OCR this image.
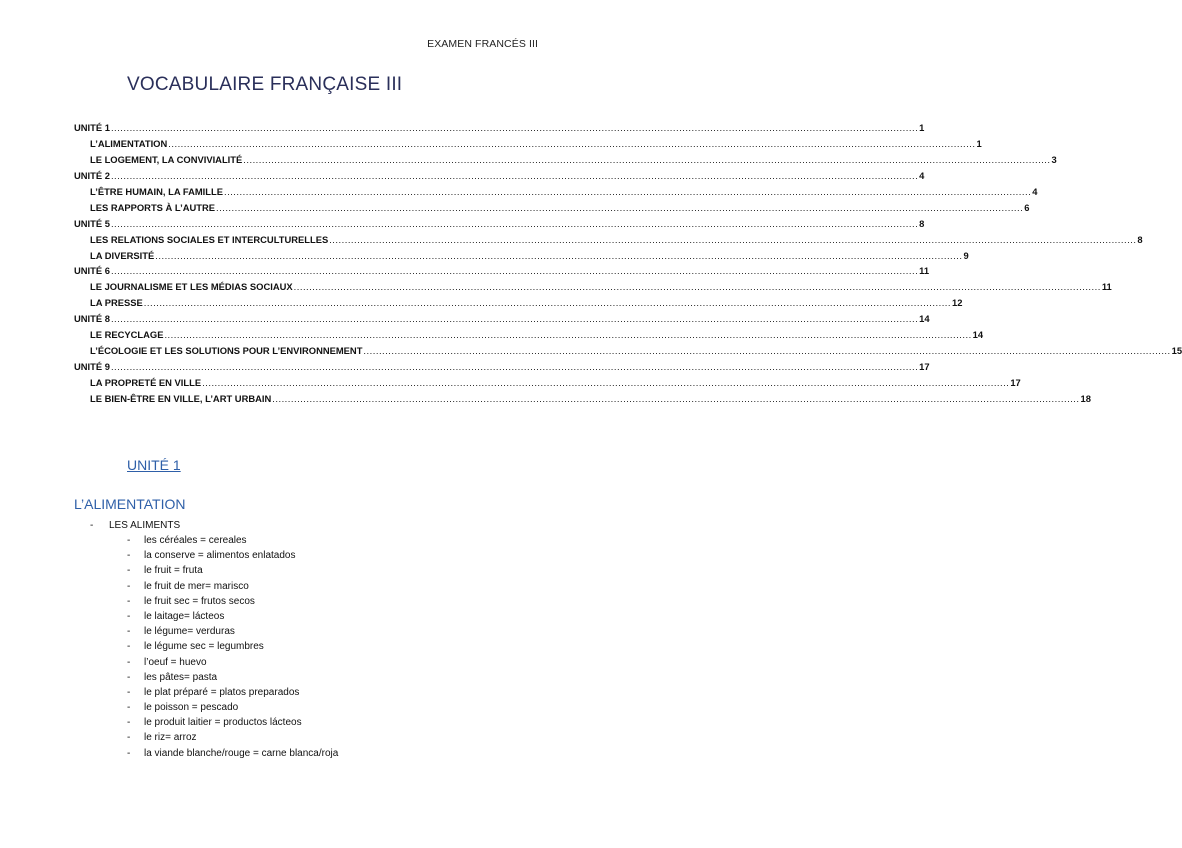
EXAMEN FRANCÉS III
VOCABULAIRE FRANÇAISE III
UNITÉ 1 .................................................................................................................................................................................................................................................................... 1
L’ALIMENTATION .................................................................................................................................................................................................................................................................... 1
LE LOGEMENT, LA CONVIVIALITÉ .................................................................................................................................................................................................................................................................... 3
UNITÉ 2 .................................................................................................................................................................................................................................................................... 4
L’ÊTRE HUMAIN, LA FAMILLE .................................................................................................................................................................................................................................................................... 4
LES RAPPORTS À L’AUTRE .................................................................................................................................................................................................................................................................... 6
UNITÉ 5 .................................................................................................................................................................................................................................................................... 8
LES RELATIONS SOCIALES ET INTERCULTURELLES .................................................................................................................................................................................................................................................................... 8
LA DIVERSITÉ .................................................................................................................................................................................................................................................................... 9
UNITÉ 6 .................................................................................................................................................................................................................................................................... 11
LE JOURNALISME ET LES MÉDIAS SOCIAUX .................................................................................................................................................................................................................................................................... 11
LA PRESSE .................................................................................................................................................................................................................................................................... 12
UNITÉ 8 .................................................................................................................................................................................................................................................................... 14
LE RECYCLAGE .................................................................................................................................................................................................................................................................... 14
L’ÉCOLOGIE ET LES SOLUTIONS POUR L’ENVIRONNEMENT .................................................................................................................................................................................................................................................................... 15
UNITÉ 9 .................................................................................................................................................................................................................................................................... 17
LA PROPRETÉ EN VILLE .................................................................................................................................................................................................................................................................... 17
LE BIEN-ÊTRE EN VILLE, L’ART URBAIN .................................................................................................................................................................................................................................................................... 18
UNITÉ 1
L’ALIMENTATION
-	LES ALIMENTS
-	les céréales = cereales
-	la conserve = alimentos enlatados
-	le fruit = fruta
-	le fruit de mer= marisco
-	le fruit sec = frutos secos
-	le laitage= lácteos
-	le légume= verduras
-	le légume sec = legumbres
-	l’oeuf = huevo
-	les pâtes= pasta
-	le plat préparé = platos preparados
-	le poisson = pescado
-	le produit laitier = productos lácteos
-	le riz= arroz
-	la viande blanche/rouge = carne blanca/roja
